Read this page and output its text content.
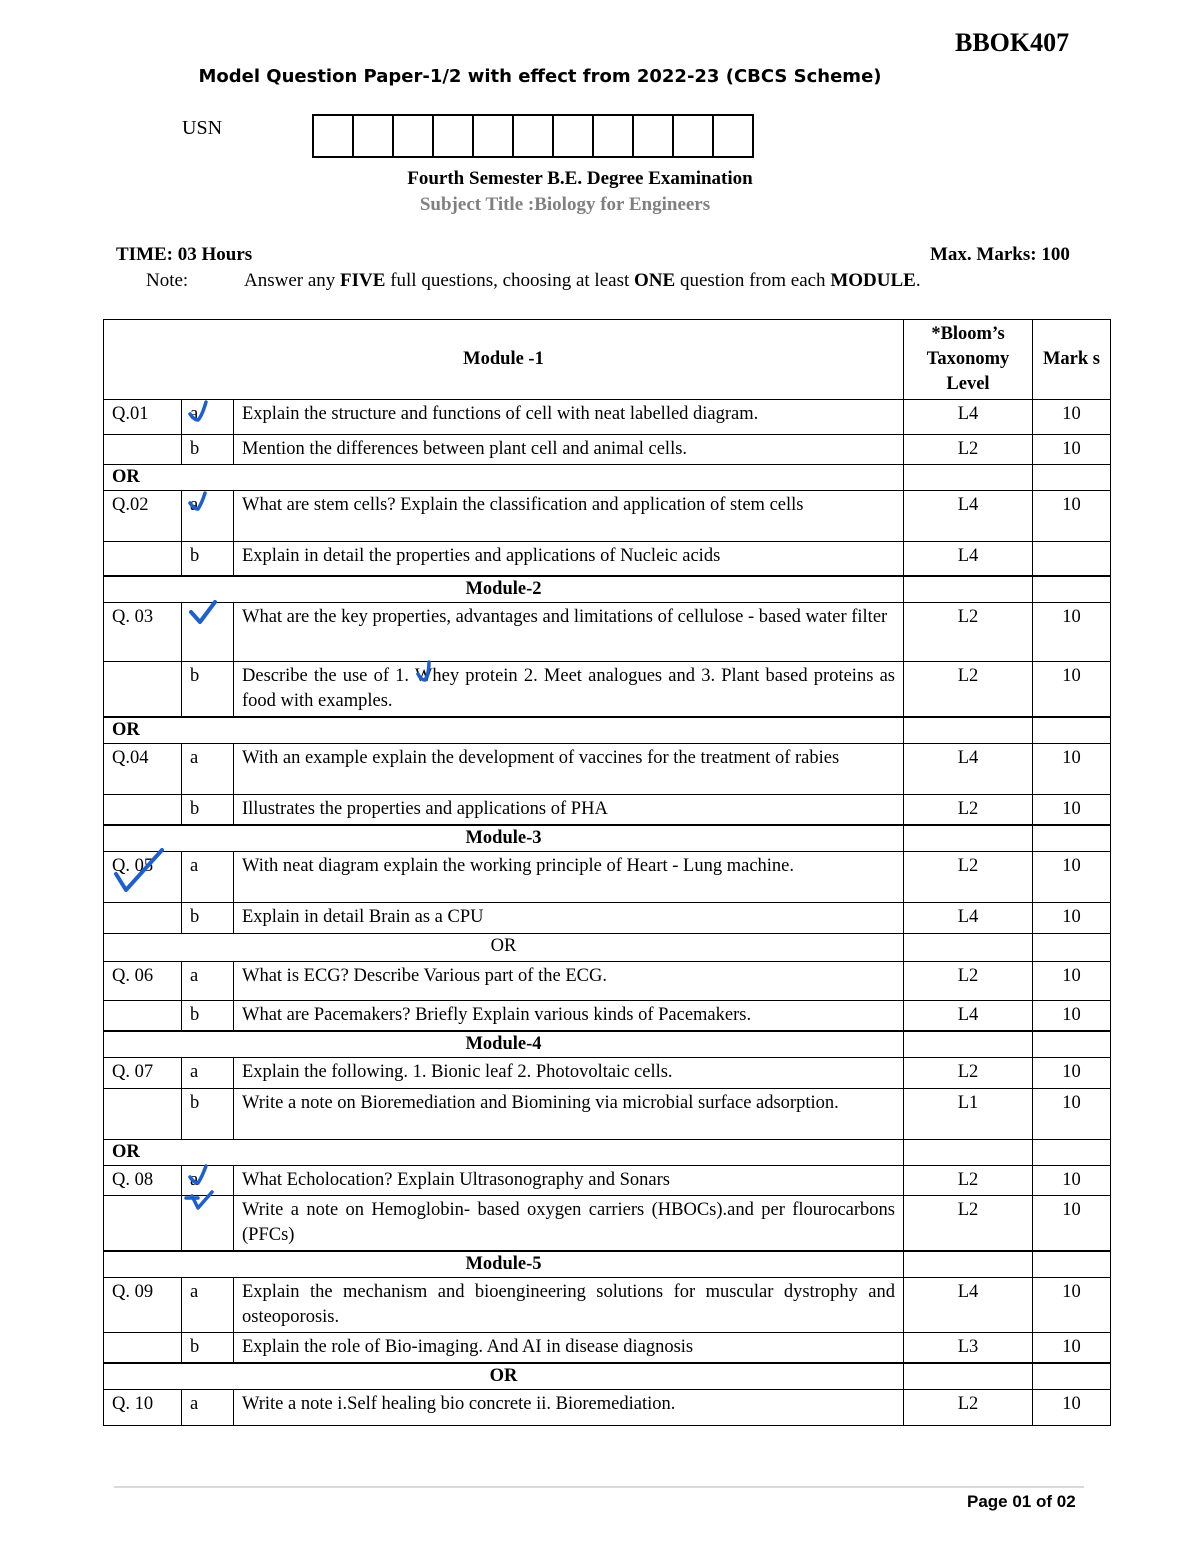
BBOK407
Model Question Paper-1/2 with effect from 2022-23 (CBCS Scheme)
USN
Fourth Semester B.E. Degree Examination
Subject Title :Biology for Engineers
TIME: 03 Hours	Max. Marks: 100
Note:	Answer any FIVE full questions, choosing at least ONE question from each MODULE.
Module -1			*Bloom’s Taxonomy Level	Mark s
Q.01	a	Explain the structure and functions of cell with neat labelled diagram.	L4	10
	b	Mention the differences between plant cell and animal cells.	L2	10
OR				
Q.02	a	What are stem cells? Explain the classification and application of stem cells	L4	10
	b	Explain in detail the properties and applications of Nucleic acids	L4	
Module-2				
Q. 03		What are the key properties, advantages and limitations of cellulose - based water filter	L2	10
	b	Describe the use of 1. Whey protein 2. Meet analogues and 3. Plant based proteins as food with examples.	L2	10
OR				
Q.04	a	With an example explain the development of vaccines for the treatment of rabies	L4	10
	b	Illustrates the properties and applications of PHA	L2	10
Module-3				
Q. 05	a	With neat diagram explain the working principle of Heart - Lung machine.	L2	10
	b	Explain in detail Brain as a CPU	L4	10
OR				
Q. 06	a	What is ECG? Describe Various part of the ECG.	L2	10
	b	What are Pacemakers? Briefly Explain various kinds of Pacemakers.	L4	10
Module-4				
Q. 07	a	Explain the following. 1. Bionic leaf 2. Photovoltaic cells.	L2	10
	b	Write a note on Bioremediation and Biomining via microbial surface adsorption.	L1	10
OR				
Q. 08	a	What Echolocation? Explain Ultrasonography and Sonars	L2	10
		Write a note on Hemoglobin- based oxygen carriers (HBOCs).and per flourocarbons (PFCs)	L2	10
Module-5				
Q. 09	a	Explain the mechanism and bioengineering solutions for muscular dystrophy and osteoporosis.	L4	10
	b	Explain the role of Bio-imaging. And AI in disease diagnosis	L3	10
OR				
Q. 10	a	Write a note i.Self healing bio concrete ii. Bioremediation.	L2	10
Page 01 of 02
